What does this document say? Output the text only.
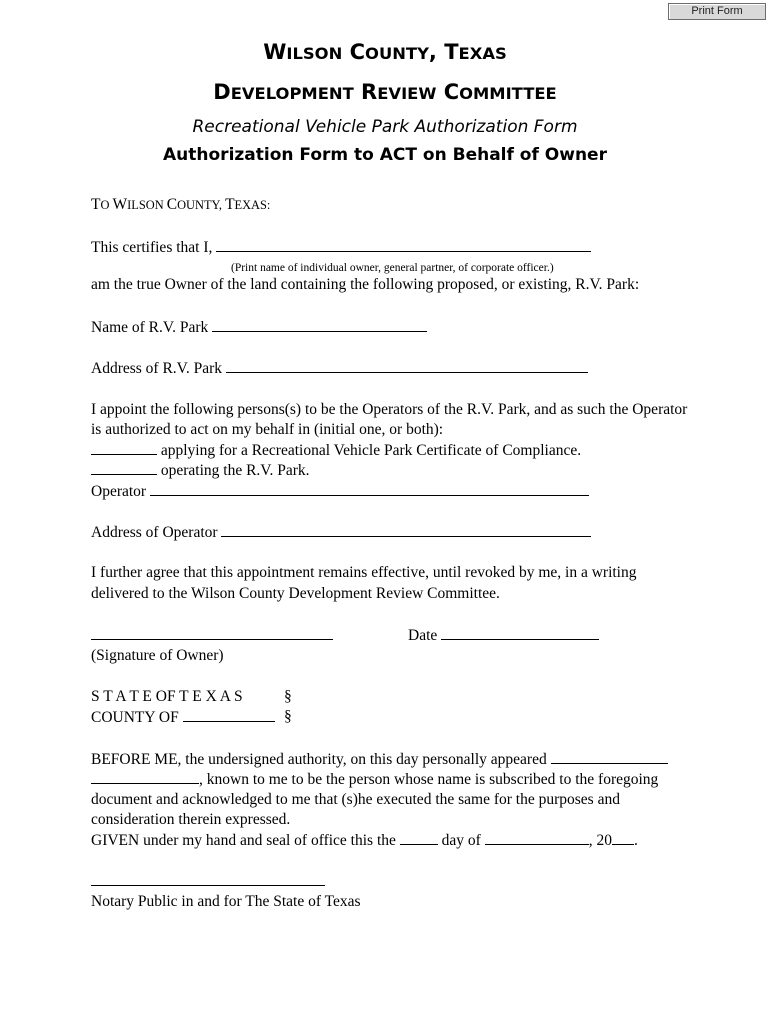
Print Form
WILSON COUNTY, TEXAS
DEVELOPMENT REVIEW COMMITTEE
Recreational Vehicle Park Authorization Form
Authorization Form to ACT on Behalf of Owner
TO WILSON COUNTY, TEXAS:
This certifies that I,
(Print name of individual owner, general partner, of corporate officer.)
am the true Owner of the land containing the following proposed, or existing, R.V. Park:
Name of R.V. Park
Address of R.V. Park
I appoint the following persons(s) to be the Operators of the R.V. Park, and as such the Operator
is authorized to act on my behalf in (initial one, or both):
applying for a Recreational Vehicle Park Certificate of Compliance.
operating the R.V. Park.
Operator
Address of Operator
I further agree that this appointment remains effective, until revoked by me, in a writing
delivered to the Wilson County Development Review Committee.
Date
(Signature of Owner)
S T A T E OF T E X A S	§
COUNTY OF	§
BEFORE ME, the undersigned authority, on this day personally appeared
, known to me to be the person whose name is subscribed to the foregoing
document and acknowledged to me that (s)he executed the same for the purposes and
consideration therein expressed.
GIVEN under my hand and seal of office this the  day of	, 20 .
Notary Public in and for The State of Texas
